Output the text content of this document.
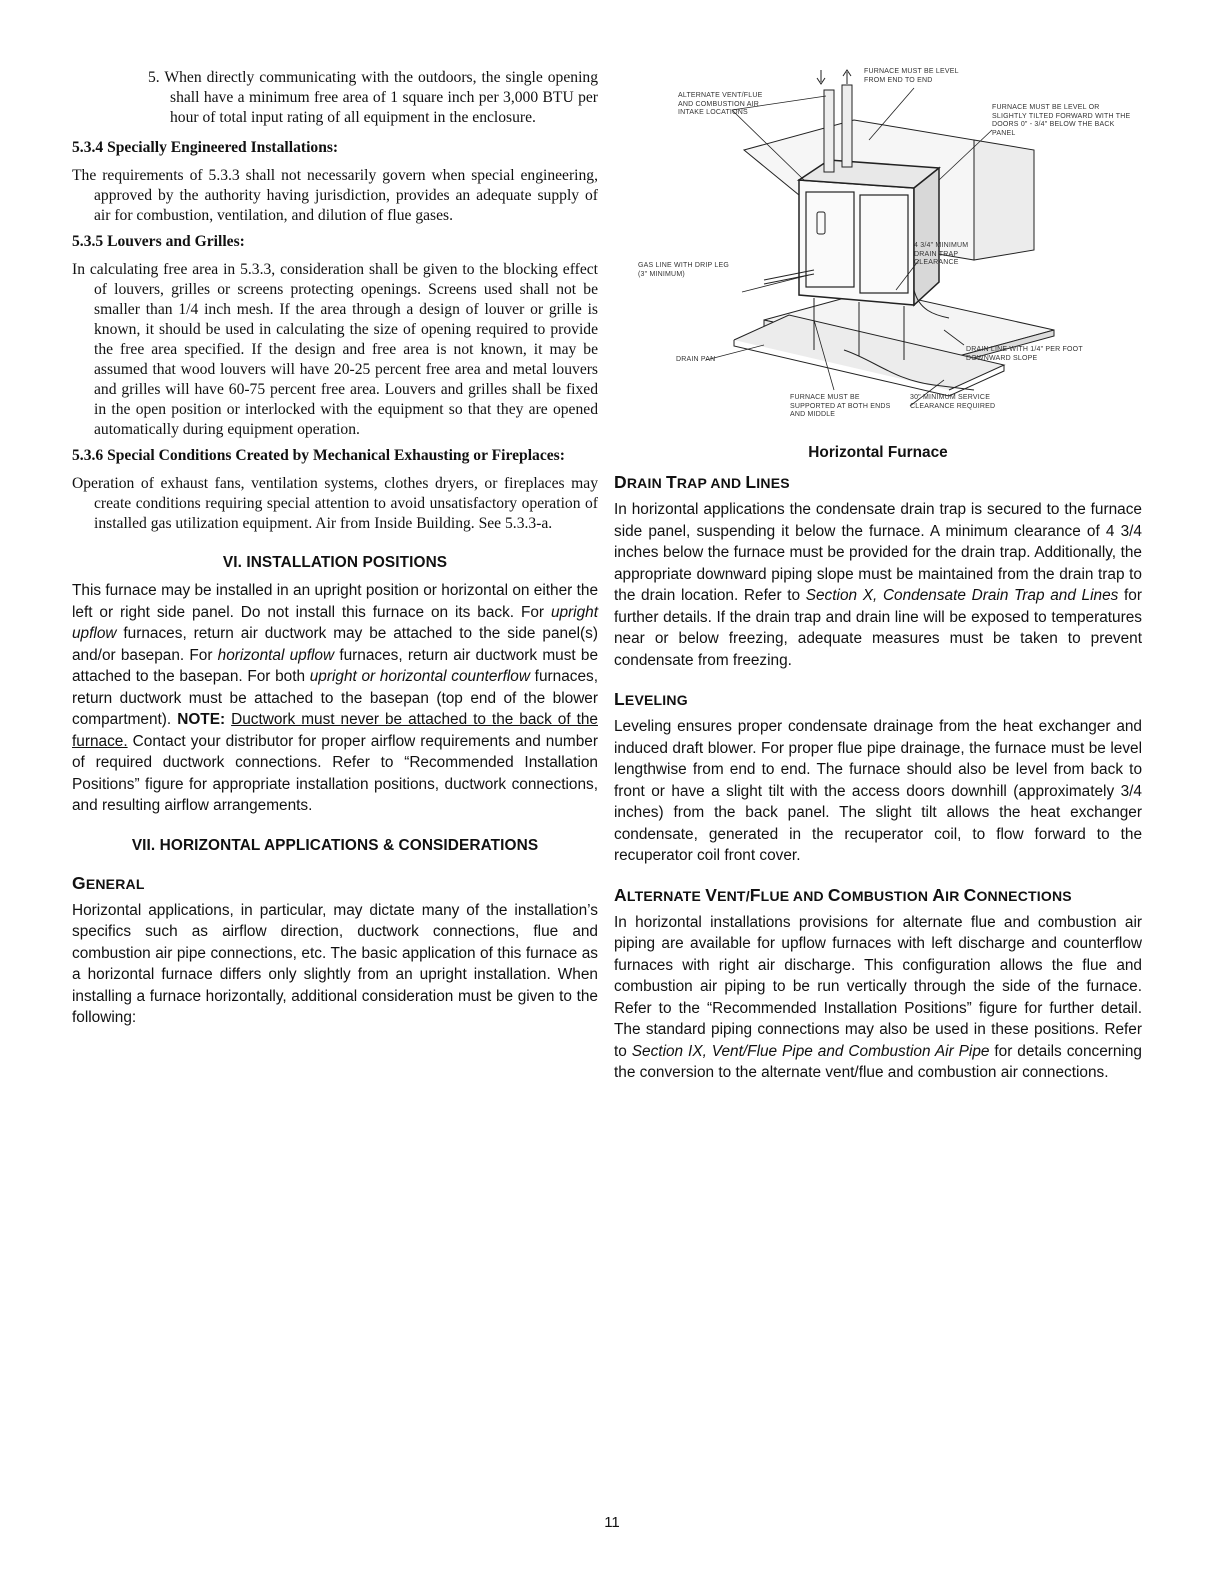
5. When directly communicating with the outdoors, the single opening shall have a minimum free area of 1 square inch per 3,000 BTU per hour of total input rating of all equipment in the enclosure.

5.3.4 Specially Engineered Installations:

The requirements of 5.3.3 shall not necessarily govern when special engineering, approved by the authority having jurisdiction, provides an adequate supply of air for combustion, ventilation, and dilution of flue gases.

5.3.5 Louvers and Grilles:

In calculating free area in 5.3.3, consideration shall be given to the blocking effect of louvers, grilles or screens protecting openings. Screens used shall not be smaller than 1/4 inch mesh. If the area through a design of louver or grille is known, it should be used in calculating the size of opening required to provide the free area specified. If the design and free area is not known, it may be assumed that wood louvers will have 20-25 percent free area and metal louvers and grilles will have 60-75 percent free area. Louvers and grilles shall be fixed in the open position or interlocked with the equipment so that they are opened automatically during equipment operation.

5.3.6 Special Conditions Created by Mechanical Exhausting or Fireplaces:

Operation of exhaust fans, ventilation systems, clothes dryers, or fireplaces may create conditions requiring special attention to avoid unsatisfactory operation of installed gas utilization equipment. Air from Inside Building. See 5.3.3-a.

VI. INSTALLATION POSITIONS

This furnace may be installed in an upright position or horizontal on either the left or right side panel. Do not install this furnace on its back. For upright upflow furnaces, return air ductwork may be attached to the side panel(s) and/or basepan. For horizontal upflow furnaces, return air ductwork must be attached to the basepan. For both upright or horizontal counterflow furnaces, return ductwork must be attached to the basepan (top end of the blower compartment). NOTE: Ductwork must never be attached to the back of the furnace. Contact your distributor for proper airflow requirements and number of required ductwork connections. Refer to “Recommended Installation Positions” figure for appropriate installation positions, ductwork connections, and resulting airflow arrangements.

VII. HORIZONTAL APPLICATIONS & CONSIDERATIONS
GENERAL

Horizontal applications, in particular, may dictate many of the installation’s specifics such as airflow direction, ductwork connections, flue and combustion air pipe connections, etc. The basic application of this furnace as a horizontal furnace differs only slightly from an upright installation. When installing a furnace horizontally, additional consideration must be given to the following:

ALTERNATE VENT/FLUE AND COMBUSTION AIR INTAKE LOCATIONS
FURNACE MUST BE LEVEL FROM END TO END
FURNACE MUST BE LEVEL OR SLIGHTLY TILTED FORWARD WITH THE DOORS 0" - 3/4" BELOW THE BACK PANEL
4 3/4" MINIMUM DRAIN TRAP CLEARANCE
GAS LINE WITH DRIP LEG (3" MINIMUM)
DRAIN PAN
DRAIN LINE WITH 1/4" PER FOOT DOWNWARD SLOPE
FURNACE MUST BE SUPPORTED AT BOTH ENDS AND MIDDLE
30" MINIMUM SERVICE CLEARANCE REQUIRED
Horizontal Furnace
DRAIN TRAP AND LINES

In horizontal applications the condensate drain trap is secured to the furnace side panel, suspending it below the furnace. A minimum clearance of 4 3/4 inches below the furnace must be provided for the drain trap. Additionally, the appropriate downward piping slope must be maintained from the drain trap to the drain location. Refer to Section X, Condensate Drain Trap and Lines for further details. If the drain trap and drain line will be exposed to temperatures near or below freezing, adequate measures must be taken to prevent condensate from freezing.

LEVELING

Leveling ensures proper condensate drainage from the heat exchanger and induced draft blower. For proper flue pipe drainage, the furnace must be level lengthwise from end to end. The furnace should also be level from back to front or have a slight tilt with the access doors downhill (approximately 3/4 inches) from the back panel. The slight tilt allows the heat exchanger condensate, generated in the recuperator coil, to flow forward to the recuperator coil front cover.

ALTERNATE VENT/FLUE AND COMBUSTION AIR CONNECTIONS

In horizontal installations provisions for alternate flue and combustion air piping are available for upflow furnaces with left discharge and counterflow furnaces with right air discharge. This configuration allows the flue and combustion air piping to be run vertically through the side of the furnace. Refer to the “Recommended Installation Positions” figure for further detail. The standard piping connections may also be used in these positions. Refer to Section IX, Vent/Flue Pipe and Combustion Air Pipe for details concerning the conversion to the alternate vent/flue and combustion air connections.

11
